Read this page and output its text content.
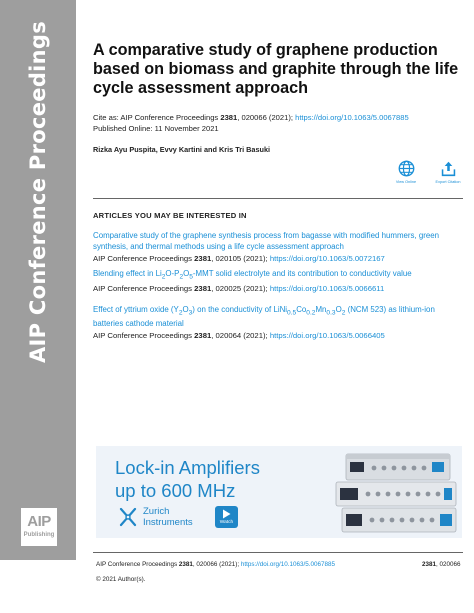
AIP Conference Proceedings
AIP
Publishing
A comparative study of graphene production based on biomass and graphite through the life cycle assessment approach
Cite as: AIP Conference Proceedings 2381, 020066 (2021); https://doi.org/10.1063/5.0067885
Published Online: 11 November 2021
Rizka Ayu Puspita, Evvy Kartini and Kris Tri Basuki
View Online	Export Citation
ARTICLES YOU MAY BE INTERESTED IN
Comparative study of the graphene synthesis process from bagasse with modified hummers, green synthesis, and thermal methods using a life cycle assessment approach
AIP Conference Proceedings 2381, 020105 (2021); https://doi.org/10.1063/5.0072167
Blending effect in $Li_2O-P_2O_5$-MMT solid electrolyte and its contribution to conductivity value
AIP Conference Proceedings 2381, 020025 (2021); https://doi.org/10.1063/5.0066611
Effect of yttrium oxide $(Y_2O_3)$ on the conductivity of $LiNi_{0.5}Co_{0.2}Mn_{0.3}O_2$ (NCM 523) as lithium-ion batteries cathode material
AIP Conference Proceedings 2381, 020064 (2021); https://doi.org/10.1063/5.0066405
Lock-in Amplifiers
up to 600 MHz
Zurich
Instruments	Watch
AIP Conference Proceedings 2381, 020066 (2021); https://doi.org/10.1063/5.0067885	2381, 020066
© 2021 Author(s).
